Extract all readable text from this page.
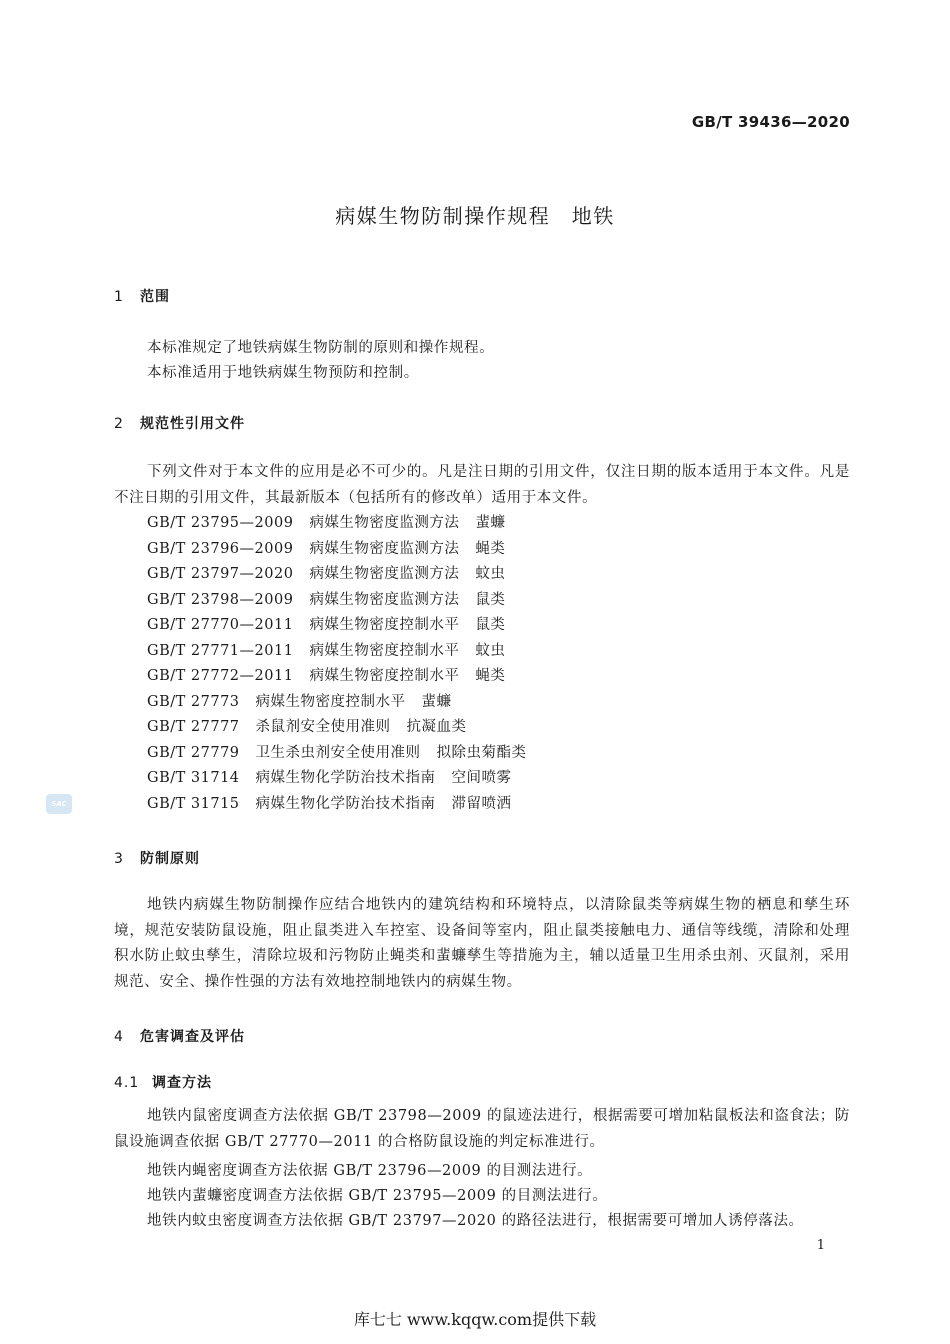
GB/T 39436—2020
病媒生物防制操作规程　地铁
1 范围
本标准规定了地铁病媒生物防制的原则和操作规程。
本标准适用于地铁病媒生物预防和控制。
2 规范性引用文件
下列文件对于本文件的应用是必不可少的。凡是注日期的引用文件，仅注日期的版本适用于本文件。凡是不注日期的引用文件，其最新版本（包括所有的修改单）适用于本文件。
GB/T 23795—2009 病媒生物密度监测方法 蜚蠊
GB/T 23796—2009 病媒生物密度监测方法 蝇类
GB/T 23797—2020 病媒生物密度监测方法 蚊虫
GB/T 23798—2009 病媒生物密度监测方法 鼠类
GB/T 27770—2011 病媒生物密度控制水平 鼠类
GB/T 27771—2011 病媒生物密度控制水平 蚊虫
GB/T 27772—2011 病媒生物密度控制水平 蝇类
GB/T 27773 病媒生物密度控制水平 蜚蠊
GB/T 27777 杀鼠剂安全使用准则 抗凝血类
GB/T 27779 卫生杀虫剂安全使用准则 拟除虫菊酯类
GB/T 31714 病媒生物化学防治技术指南 空间喷雾
GB/T 31715 病媒生物化学防治技术指南 滞留喷洒
SAC
3 防制原则
地铁内病媒生物防制操作应结合地铁内的建筑结构和环境特点，以清除鼠类等病媒生物的栖息和孳生环境，规范安装防鼠设施，阻止鼠类进入车控室、设备间等室内，阻止鼠类接触电力、通信等线缆，清除和处理积水防止蚊虫孳生，清除垃圾和污物防止蝇类和蜚蠊孳生等措施为主，辅以适量卫生用杀虫剂、灭鼠剂，采用规范、安全、操作性强的方法有效地控制地铁内的病媒生物。
4 危害调查及评估
4.1 调查方法
地铁内鼠密度调查方法依据 GB/T 23798—2009 的鼠迹法进行，根据需要可增加粘鼠板法和盗食法；防鼠设施调查依据 GB/T 27770—2011 的合格防鼠设施的判定标准进行。
地铁内蝇密度调查方法依据 GB/T 23796—2009 的目测法进行。
地铁内蜚蠊密度调查方法依据 GB/T 23795—2009 的目测法进行。
地铁内蚊虫密度调查方法依据 GB/T 23797—2020 的路径法进行，根据需要可增加人诱停落法。
1
库七七 www.kqqw.com提供下载
